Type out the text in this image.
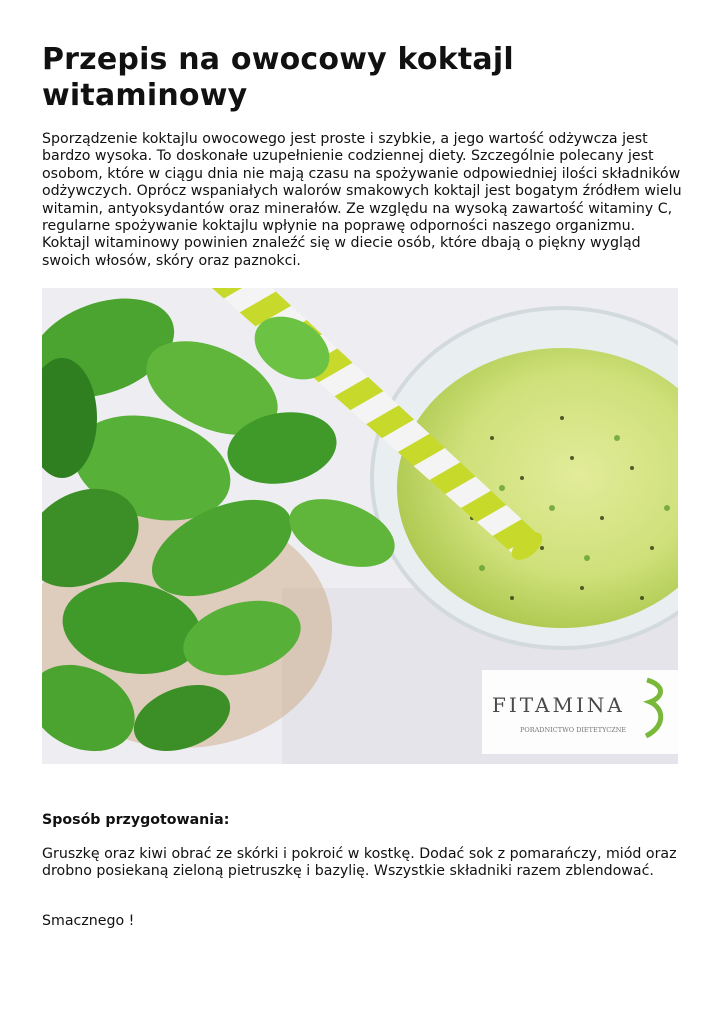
Przepis na owocowy koktajl witaminowy

Sporządzenie koktajlu owocowego jest proste i szybkie, a jego wartość odżywcza jest bardzo wysoka. To doskonałe uzupełnienie codziennej diety. Szczególnie polecany jest osobom, które w ciągu dnia nie mają czasu na spożywanie odpowiedniej ilości składników odżywczych. Oprócz wspaniałych walorów smakowych koktajl jest bogatym źródłem wielu witamin, antyoksydantów oraz minerałów. Ze względu na wysoką zawartość witaminy C, regularne spożywanie koktajlu wpłynie na poprawę odporności naszego organizmu. Koktajl witaminowy powinien znaleźć się w diecie osób, które dbają o piękny wygląd swoich włosów, skóry oraz paznokci.

FITAMINA
PORADNICTWO DIETETYCZNE

Sposób przygotowania:

Gruszkę oraz kiwi obrać ze skórki i pokroić w kostkę. Dodać sok z pomarańczy, miód oraz drobno posiekaną zieloną pietruszkę i bazylię. Wszystkie składniki razem zblendować.

Smacznego !
